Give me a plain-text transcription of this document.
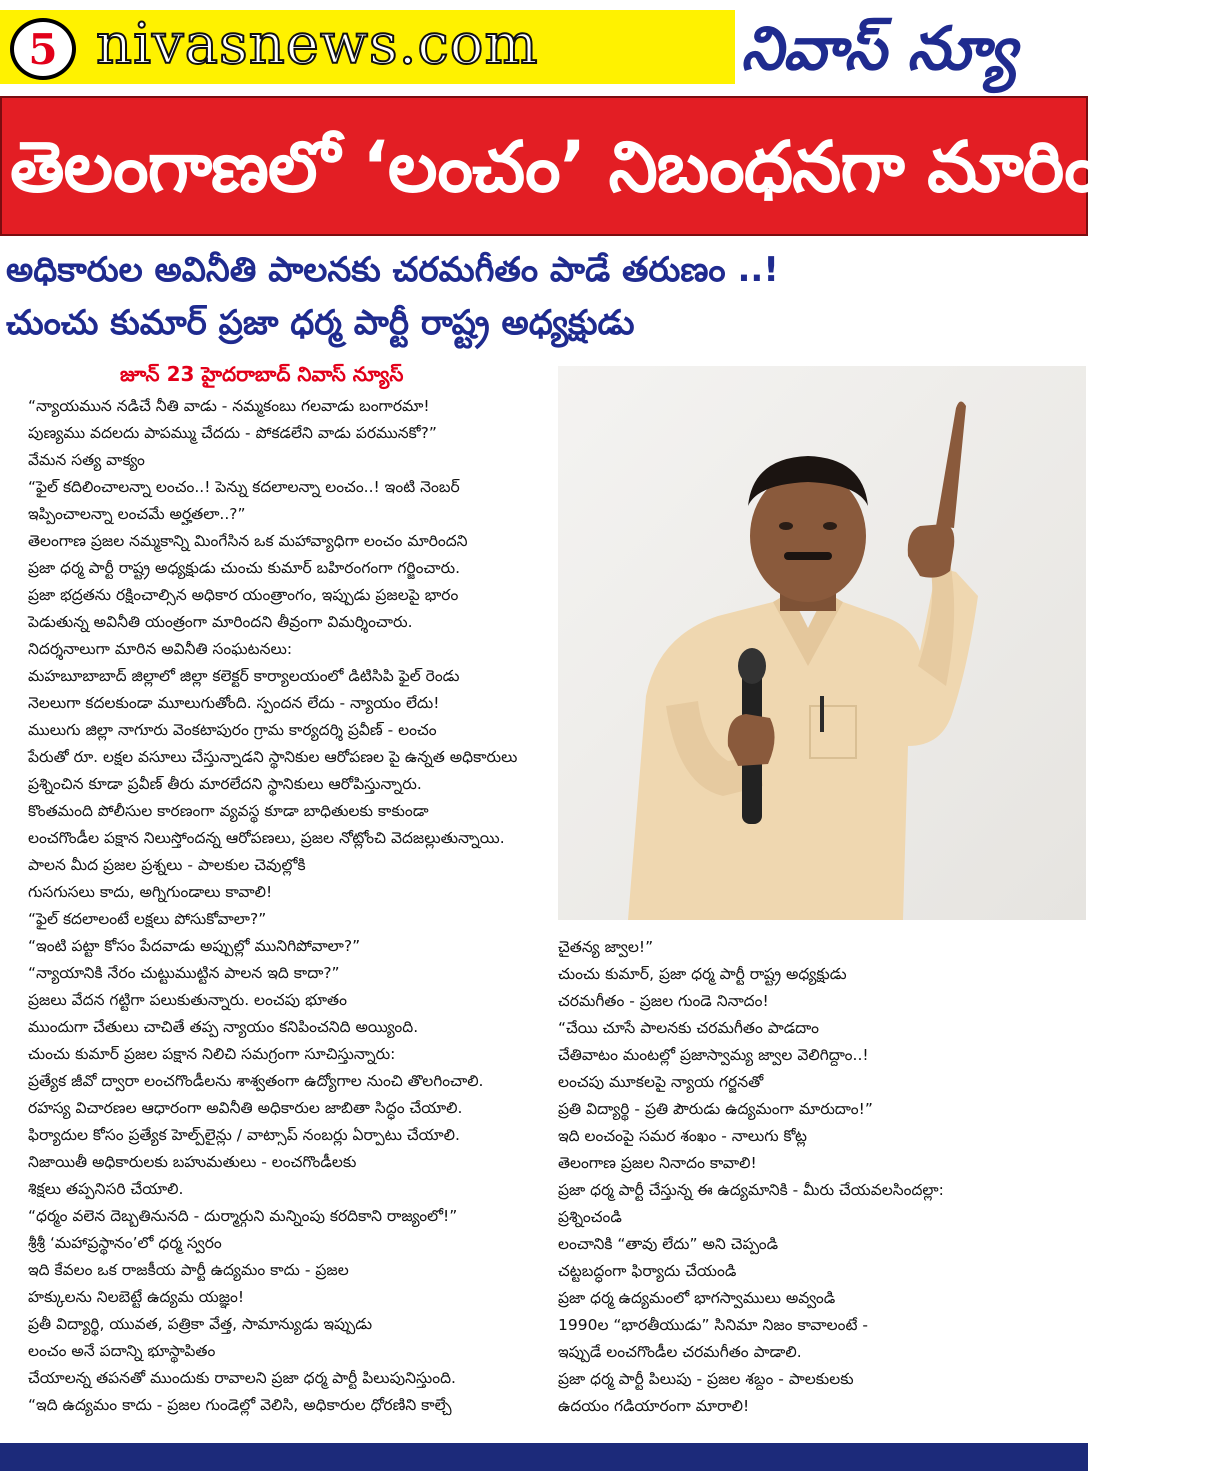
5 nivasnews.com	నివాస్ న్యూ
తెలంగాణలో ‘లంచం’ నిబంధనగా మారిందా?
అధికారుల అవినీతి పాలనకు చరమగీతం పాడే తరుణం ..!
చుంచు కుమార్ ప్రజా ధర్మ పార్టీ రాష్ట్ర అధ్యక్షుడు
జూన్ 23 హైదరాబాద్ నివాస్ న్యూస్
“న్యాయమున నడిచే నీతి వాడు - నమ్మకంబు గలవాడు బంగారమా!
పుణ్యము వదలదు పాపమ్ము చేదదు - పోకడలేని వాడు పరమునకో?”
వేమన సత్య వాక్యం
“ఫైల్ కదిలించాలన్నా లంచం..! పెన్ను కదలాలన్నా లంచం..! ఇంటి నెంబర్
ఇప్పించాలన్నా లంచమే అర్హతలా..?”
తెలంగాణ ప్రజల నమ్మకాన్ని మింగేసిన ఒక మహావ్యాధిగా లంచం మారిందని
ప్రజా ధర్మ పార్టీ రాష్ట్ర అధ్యక్షుడు చుంచు కుమార్ బహిరంగంగా గర్జించారు.
ప్రజా భద్రతను రక్షించాల్సిన అధికార యంత్రాంగం, ఇప్పుడు ప్రజలపై భారం
పెడుతున్న అవినీతి యంత్రంగా మారిందని తీవ్రంగా విమర్శించారు.
నిదర్శనాలుగా మారిన అవినీతి సంఘటనలు:
మహబూబాబాద్ జిల్లాలో జిల్లా కలెక్టర్ కార్యాలయంలో డిటిసిపి ఫైల్ రెండు
నెలలుగా కదలకుండా మూలుగుతోంది. స్పందన లేదు - న్యాయం లేదు!
ములుగు జిల్లా నాగూరు వెంకటాపురం గ్రామ కార్యదర్శి ప్రవీణ్ - లంచం
పేరుతో రూ. లక్షల వసూలు చేస్తున్నాడని స్థానికుల ఆరోపణల పై ఉన్నత అధికారులు
ప్రశ్నించిన కూడా ప్రవీణ్ తీరు మారలేదని స్థానికులు ఆరోపిస్తున్నారు.
కొంతమంది పోలీసుల కారణంగా వ్యవస్థ కూడా బాధితులకు కాకుండా
లంచగొండీల పక్షాన నిలుస్తోందన్న ఆరోపణలు, ప్రజల నోట్లోంచి వెదజల్లుతున్నాయి.
పాలన మీద ప్రజల ప్రశ్నలు - పాలకుల చెవుల్లోకి
గుసగుసలు కాదు, అగ్నిగుండాలు కావాలి!
“ఫైల్ కదలాలంటే లక్షలు పోసుకోవాలా?”
“ఇంటి పట్టా కోసం పేదవాడు అప్పుల్లో మునిగిపోవాలా?”
“న్యాయానికి నేరం చుట్టుముట్టిన పాలన ఇది కాదా?”
ప్రజలు వేదన గట్టిగా పలుకుతున్నారు. లంచపు భూతం
ముందుగా చేతులు చాచితే తప్ప న్యాయం కనిపించనిది అయ్యింది.
చుంచు కుమార్ ప్రజల పక్షాన నిలిచి సమగ్రంగా సూచిస్తున్నారు:
ప్రత్యేక జీవో ద్వారా లంచగొండీలను శాశ్వతంగా ఉద్యోగాల నుంచి తొలగించాలి.
రహస్య విచారణల ఆధారంగా అవినీతి అధికారుల జాబితా సిద్ధం చేయాలి.
ఫిర్యాదుల కోసం ప్రత్యేక హెల్ప్‌లైన్లు / వాట్సాప్ నంబర్లు ఏర్పాటు చేయాలి.
నిజాయితీ అధికారులకు బహుమతులు - లంచగొండీలకు
శిక్షలు తప్పనిసరి చేయాలి.
“ధర్మం వలెన దెబ్బతినునది - దుర్మార్గుని మన్నింపు కరదికాని రాజ్యంలో!”
శ్రీశ్రీ ‘మహాప్రస్థానం’లో ధర్మ స్వరం
ఇది కేవలం ఒక రాజకీయ పార్టీ ఉద్యమం కాదు - ప్రజల
హక్కులను నిలబెట్టే ఉద్యమ యజ్ఞం!
ప్రతీ విద్యార్థి, యువత, పత్రికా వేత్త, సామాన్యుడు ఇప్పుడు
లంచం అనే పదాన్ని భూస్థాపితం
చేయాలన్న తపనతో ముందుకు రావాలని ప్రజా ధర్మ పార్టీ పిలుపునిస్తుంది.
“ఇది ఉద్యమం కాదు - ప్రజల గుండెల్లో వెలిసి, అధికారుల ధోరణిని కాల్చే
చైతన్య జ్వాల!”
చుంచు కుమార్, ప్రజా ధర్మ పార్టీ రాష్ట్ర అధ్యక్షుడు
చరమగీతం - ప్రజల గుండె నినాదం!
“చేయి చూసే పాలనకు చరమగీతం పాడదాం
చేతివాటం మంటల్లో ప్రజాస్వామ్య జ్వాల వెలిగిద్దాం..!
లంచపు మూకలపై న్యాయ గర్జనతో
ప్రతి విద్యార్థి - ప్రతి పౌరుడు ఉద్యమంగా మారుదాం!”
ఇది లంచంపై సమర శంఖం - నాలుగు కోట్ల
తెలంగాణ ప్రజల నినాదం కావాలి!
ప్రజా ధర్మ పార్టీ చేస్తున్న ఈ ఉద్యమానికి - మీరు చేయవలసిందల్లా:
ప్రశ్నించండి
లంచానికి “తావు లేదు” అని చెప్పండి
చట్టబద్ధంగా ఫిర్యాదు చేయండి
ప్రజా ధర్మ ఉద్యమంలో భాగస్వాములు అవ్వండి
1990ల “భారతీయుడు” సినిమా నిజం కావాలంటే -
ఇప్పుడే లంచగొండీల చరమగీతం పాడాలి.
ప్రజా ధర్మ పార్టీ పిలుపు - ప్రజల శబ్దం - పాలకులకు
ఉదయం గడియారంగా మారాలి!
